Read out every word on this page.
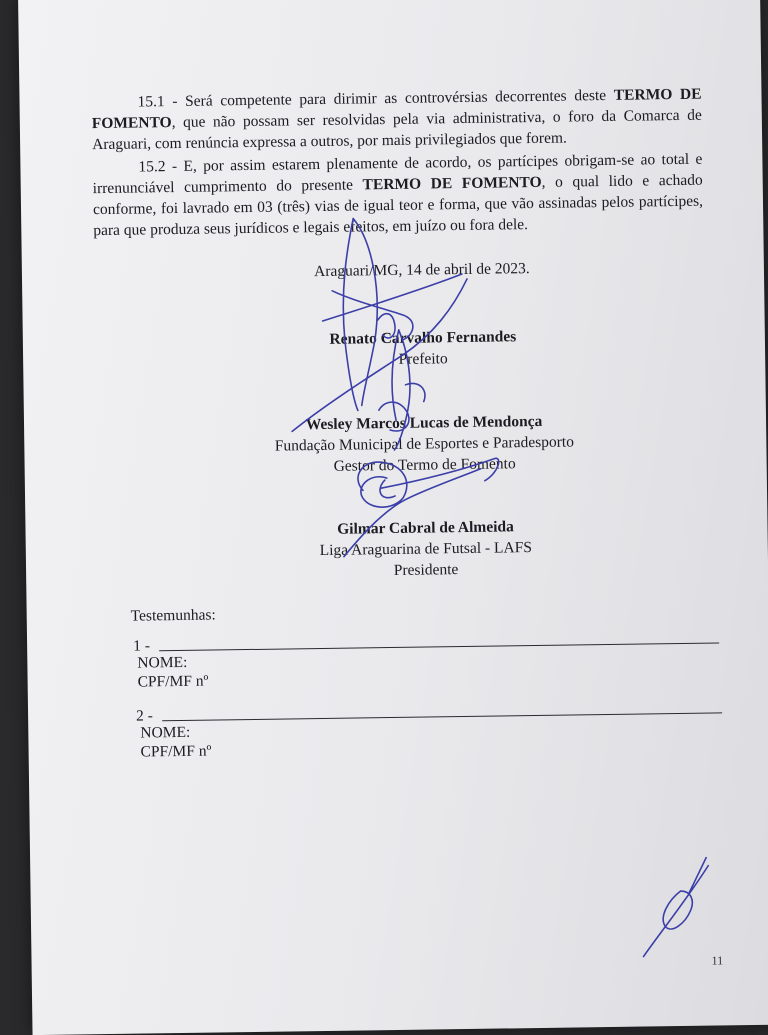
15.1 - Será competente para dirimir as controvérsias decorrentes deste TERMO DE FOMENTO, que não possam ser resolvidas pela via administrativa, o foro da Comarca de Araguari, com renúncia expressa a outros, por mais privilegiados que forem.
15.2 - E, por assim estarem plenamente de acordo, os partícipes obrigam-se ao total e irrenunciável cumprimento do presente TERMO DE FOMENTO, o qual lido e achado conforme, foi lavrado em 03 (três) vias de igual teor e forma, que vão assinadas pelos partícipes, para que produza seus jurídicos e legais efeitos, em juízo ou fora dele.
Araguari/MG, 14 de abril de 2023.
Renato Carvalho Fernandes
Prefeito
Wesley Marcos Lucas de Mendonça
Fundação Municipal de Esportes e Paradesporto
Gestor do Termo de Fomento
Gilmar Cabral de Almeida
Liga Araguarina de Futsal - LAFS
Presidente
Testemunhas:
1 -
NOME:
CPF/MF nº
2 -
NOME:
CPF/MF nº
11
